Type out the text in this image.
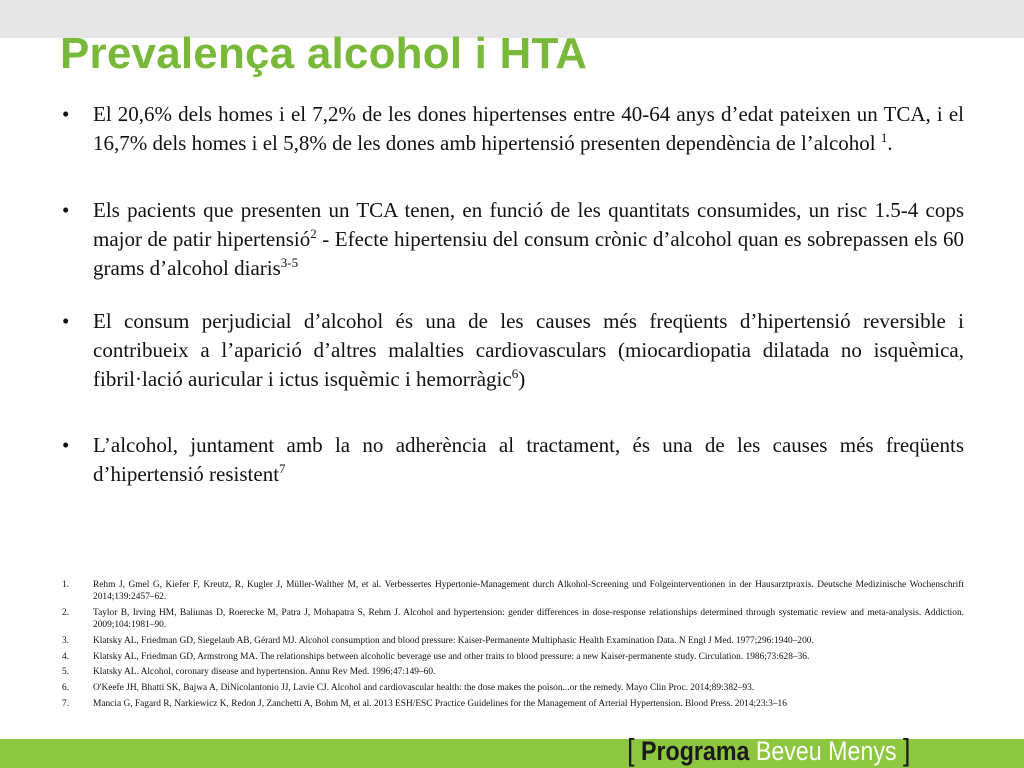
Prevalença alcohol i HTA
• El 20,6% dels homes i el 7,2% de les dones hipertenses entre 40-64 anys d’edat pateixen un TCA, i el 16,7% dels homes i el 5,8% de les dones amb hipertensió presenten dependència de l’alcohol $^1$.
• Els pacients que presenten un TCA tenen, en funció de les quantitats consumides, un risc 1.5-4 cops major de patir hipertensió$^2$ - Efecte hipertensiu del consum crònic d’alcohol quan es sobrepassen els 60 grams d’alcohol diaris$^{3-5}$
• El consum perjudicial d’alcohol és una de les causes més freqüents d’hipertensió reversible i contribueix a l’aparició d’altres malalties cardiovasculars (miocardiopatia dilatada no isquèmica, fibril·lació auricular i ictus isquèmic i hemorràgic$^6$)
• L’alcohol, juntament amb la no adherència al tractament, és una de les causes més freqüents d’hipertensió resistent$^7$
1.	Rehm J, Gmel G, Kiefer F, Kreutz, R, Kugler J, Müller-Walther M, et al. Verbessertes Hypertonie-Management durch Alkohol-Screening und Folgeinterventionen in der Hausarztpraxis. Deutsche Medizinische Wochenschrift 2014;139:2457–62.
2.	Taylor B, Irving HM, Baliunas D, Roerecke M, Patra J, Mohapatra S, Rehm J. Alcohol and hypertension: gender differences in dose-response relationships determined through systematic review and meta-analysis. Addiction. 2009;104:1981–90.
3.	Klatsky AL, Friedman GD, Siegelaub AB, Gérard MJ. Alcohol consumption and blood pressure: Kaiser-Permanente Multiphasic Health Examination Data. N Engl J Med. 1977;296:1940–200.
4.	Klatsky AL, Friedman GD, Armstrong MA. The relationships between alcoholic beverage use and other traits to blood pressure: a new Kaiser-permanente study. Circulation. 1986;73:628–36.
5.	Klatsky AL. Alcohol, coronary disease and hypertension. Annu Rev Med. 1996;47:149–60.
6.	O'Keefe JH, Bhatti SK, Bajwa A, DiNicolantonio JJ, Lavie CJ. Alcohol and cardiovascular health: the dose makes the poison...or the remedy. Mayo Clin Proc. 2014;89:382–93.
7.	Mancia G, Fagard R, Narkiewicz K, Redon J, Zanchetti A, Bohm M, et al. 2013 ESH/ESC Practice Guidelines for the Management of Arterial Hypertension. Blood Press. 2014;23:3–16
[ Programa Beveu Menys ]
